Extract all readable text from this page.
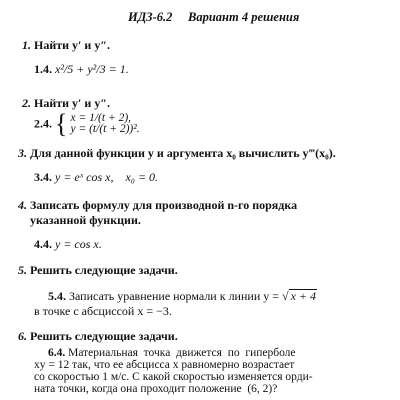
ИДЗ-6.2 Вариант 4 решения
1. Найти y′ и y″.
1.4. x²/5 + y²/3 = 1.
2. Найти y′ и y″.
2.4. { x = 1/(t + 2),
y = (t/(t + 2))².
3. Для данной функции y и аргумента x₀ вычислить y‴(x₀).
3.4. y = eˣ cos x,    x₀ = 0.
4. Записать формулу для производной n-го порядка
указанной функции.
4.4. y = cos x.
5. Решить следующие задачи.
5.4. Записать уравнение нормали к линии y = √ x + 4
в точке с абсциссой x = −3.
6. Решить следующие задачи.
6.4. Материальная  точка  движется  по  гиперболе
xy = 12 так, что ее абсцисса x равномерно возрастает
со скоростью 1 м/с. С какой скоростью изменяется орди-
ната точки, когда она проходит положение  (6, 2)?
